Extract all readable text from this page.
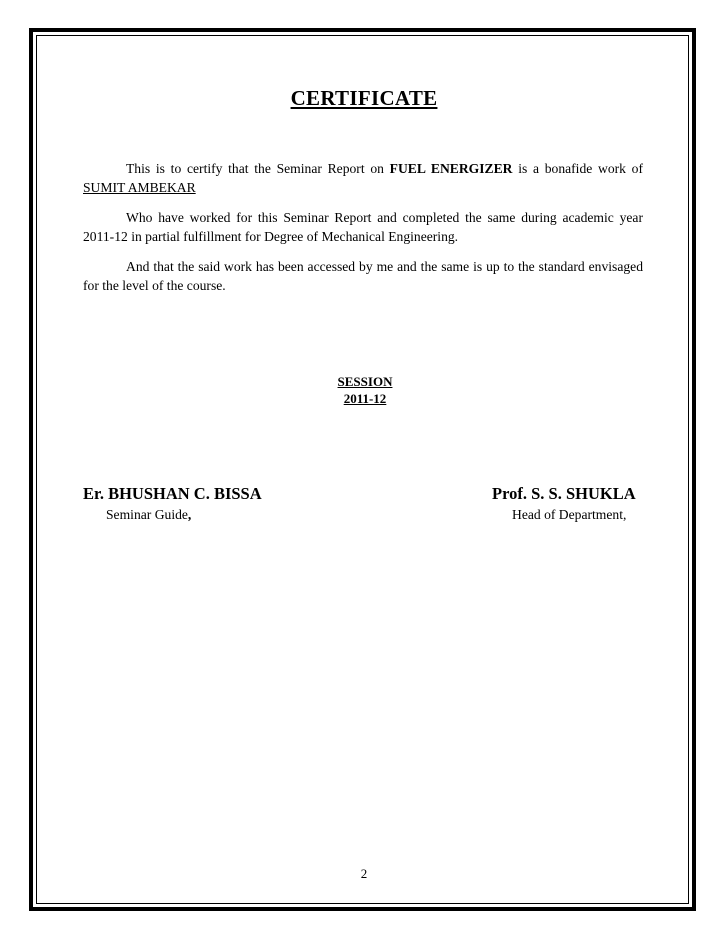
CERTIFICATE
This is to certify that the Seminar Report on FUEL ENERGIZER is a bonafide work of SUMIT AMBEKAR
Who have worked for this Seminar Report and completed the same during academic year 2011-12 in partial fulfillment for Degree of Mechanical Engineering.
And that the said work has been accessed by me and the same is up to the standard envisaged for the level of the course.
SESSION
2011-12
Er. BHUSHAN C. BISSA
Seminar Guide,
Prof. S. S. SHUKLA
Head of Department,
2
